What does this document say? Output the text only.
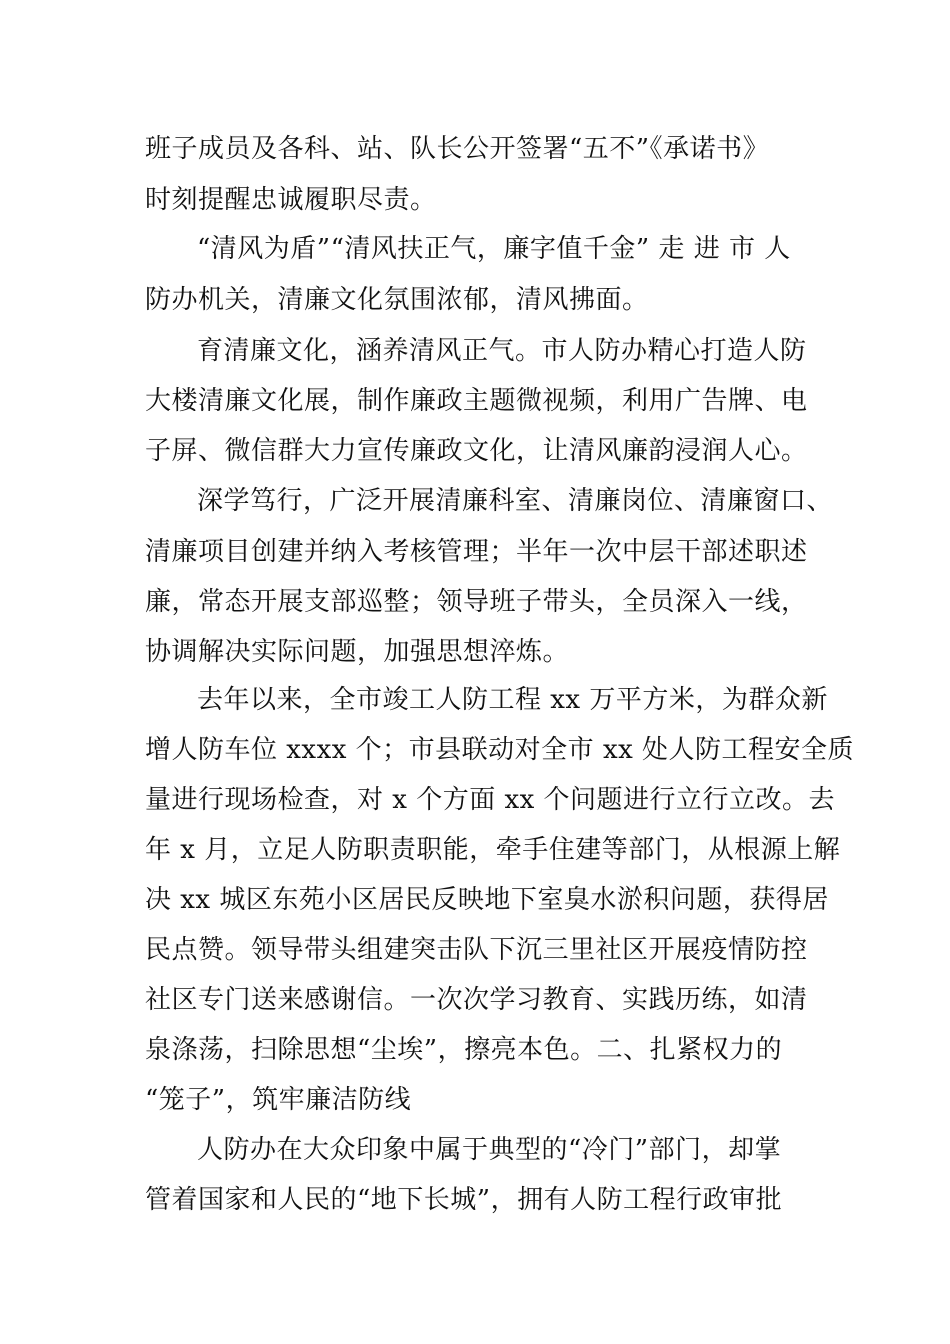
班子成员及各科、站、队长公开签署“五不”《承诺书》
时刻提醒忠诚履职尽责。
“清风为盾”“清风扶正气，廉字值千金” 走 进 市 人
防办机关，清廉文化氛围浓郁，清风拂面。
育清廉文化，涵养清风正气。市人防办精心打造人防
大楼清廉文化展，制作廉政主题微视频，利用广告牌、电
子屏、微信群大力宣传廉政文化，让清风廉韵浸润人心。
深学笃行，广泛开展清廉科室、清廉岗位、清廉窗口、
清廉项目创建并纳入考核管理；半年一次中层干部述职述
廉，常态开展支部巡整；领导班子带头，全员深入一线，
协调解决实际问题，加强思想淬炼。
去年以来，全市竣工人防工程 xx 万平方米，为群众新
增人防车位 xxxx 个；市县联动对全市 xx 处人防工程安全质
量进行现场检查，对 x 个方面 xx 个问题进行立行立改。去
年 x 月，立足人防职责职能，牵手住建等部门，从根源上解
决 xx 城区东苑小区居民反映地下室臭水淤积问题，获得居
民点赞。领导带头组建突击队下沉三里社区开展疫情防控
社区专门送来感谢信。一次次学习教育、实践历练，如清
泉涤荡，扫除思想“尘埃”，擦亮本色。二、扎紧权力的
“笼子”，筑牢廉洁防线
人防办在大众印象中属于典型的“冷门”部门，却掌
管着国家和人民的“地下长城”，拥有人防工程行政审批
